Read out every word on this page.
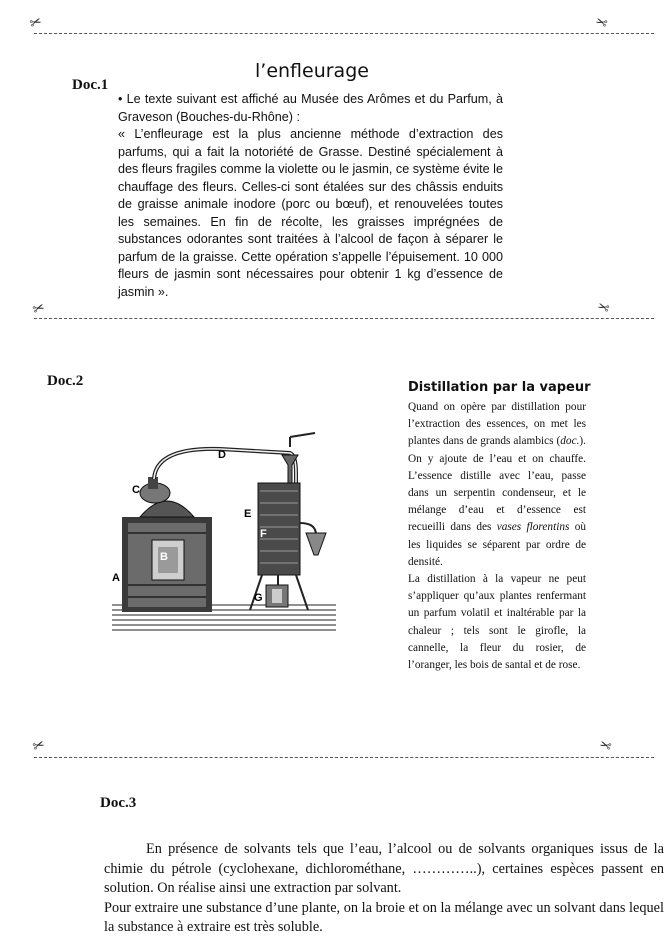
✂	✂
✂	✂
✂	✂
Doc.1
l’enfleurage

• Le texte suivant est affiché au Musée des Arômes et du Parfum, à Graveson (Bouches-du-Rhône) :

« L’enfleurage est la plus ancienne méthode d’extraction des parfums, qui a fait la notoriété de Grasse. Destiné spécialement à des fleurs fragiles comme la violette ou le jasmin, ce système évite le chauffage des fleurs. Celles-ci sont étalées sur des châssis enduits de graisse animale inodore (porc ou bœuf), et renouvelées toutes les semaines. En fin de récolte, les graisses imprégnées de substances odorantes sont traitées à l’alcool de façon à séparer le parfum de la graisse. Cette opération s’appelle l’épuisement. 10 000 fleurs de jasmin sont nécessaires pour obtenir 1 kg d’essence de jasmin ».

Doc.2
A
B
C
D
E
F
G
Distillation par la vapeur

Quand on opère par distillation pour l’extraction des essences, on met les plantes dans de grands alambics (doc.). On y ajoute de l’eau et on chauffe. L’essence distille avec l’eau, passe dans un serpentin condenseur, et le mélange d’eau et d’essence est recueilli dans des vases florentins où les liquides se séparent par ordre de densité.

La distillation à la vapeur ne peut s’appliquer qu’aux plantes renfermant un parfum volatil et inaltérable par la chaleur ; tels sont le girofle, la cannelle, la fleur du rosier, de l’oranger, les bois de santal et de rose.

Doc.3

En présence de solvants tels que l’eau, l’alcool ou de solvants organiques issus de la chimie du pétrole (cyclohexane, dichlorométhane, …………..), certaines espèces passent en solution. On réalise ainsi une extraction par solvant.

Pour extraire une substance d’une plante, on la broie et on la mélange avec un solvant dans lequel la substance à extraire est très soluble.
